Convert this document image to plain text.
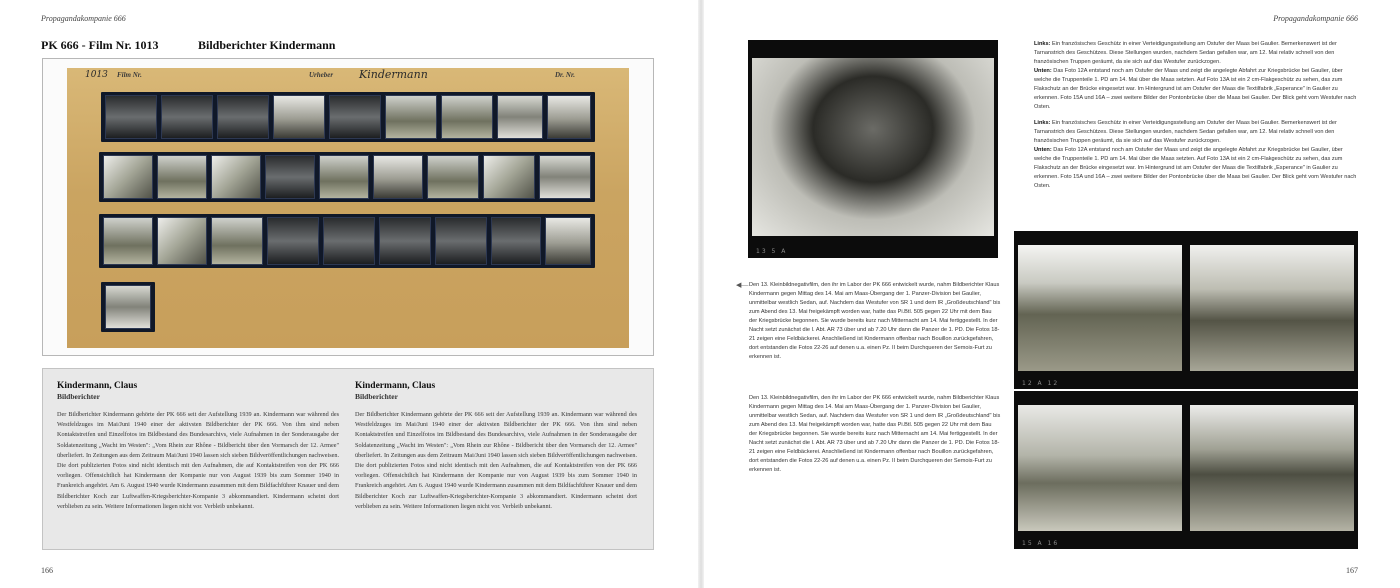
Propagandakompanie 666
PK 666 - Film Nr. 1013	Bildberichter Kindermann
1013 Film Nr.	Urheber Kindermann	Dr. Nr.
Kindermann, Claus
Bildberichter
Der Bildberichter Kindermann gehörte der PK 666 seit der Aufstellung 1939 an. Kindermann war während des Westfeldzuges im Mai/Juni 1940 einer der aktivsten Bildberichter der PK 666. Von ihm sind neben Kontaktstreifen und Einzelfotos im Bildbestand des Bundesarchivs, viele Aufnahmen in der Sonderausgabe der Soldatenzeitung „Wacht im Westen": „Vom Rhein zur Rhône - Bildbericht über den Vormarsch der 12. Armee" überliefert. In Zeitungen aus dem Zeitraum Mai/Juni 1940 lassen sich sieben Bildveröffentlichungen nachweisen. Die dort publizierten Fotos sind nicht identisch mit den Aufnahmen, die auf Kontaktstreifen von der PK 666 vorliegen. Offensichtlich hat Kindermann der Kompanie nur von August 1939 bis zum Sommer 1940 in Frankreich angehört. Am 6. August 1940 wurde Kindermann zusammen mit dem Bildfachführer Knauer und dem Bildberichter Koch zur Luftwaffen-Kriegsberichter-Kompanie 3 abkommandiert. Kindermann scheint dort verblieben zu sein. Weitere Informationen liegen nicht vor. Verbleib unbekannt.
Kindermann, Claus
Bildberichter
Der Bildberichter Kindermann gehörte der PK 666 seit der Aufstellung 1939 an. Kindermann war während des Westfeldzuges im Mai/Juni 1940 einer der aktivsten Bildberichter der PK 666. Von ihm sind neben Kontaktstreifen und Einzelfotos im Bildbestand des Bundesarchivs, viele Aufnahmen in der Sonderausgabe der Soldatenzeitung „Wacht im Westen": „Vom Rhein zur Rhône - Bildbericht über den Vormarsch der 12. Armee" überliefert. In Zeitungen aus dem Zeitraum Mai/Juni 1940 lassen sich sieben Bildveröffentlichungen nachweisen. Die dort publizierten Fotos sind nicht identisch mit den Aufnahmen, die auf Kontaktstreifen von der PK 666 vorliegen. Offensichtlich hat Kindermann der Kompanie nur von August 1939 bis zum Sommer 1940 in Frankreich angehört. Am 6. August 1940 wurde Kindermann zusammen mit dem Bildfachführer Knauer und dem Bildberichter Koch zur Luftwaffen-Kriegsberichter-Kompanie 3 abkommandiert. Kindermann scheint dort verblieben zu sein. Weitere Informationen liegen nicht vor. Verbleib unbekannt.
166
Propagandakompanie 666
13 5 A
Links: Ein französisches Geschütz in einer Verteidigungsstellung am Ostufer der Maas bei Gaulier. Bemerkenswert ist der Tarnanstrich des Geschützes. Diese Stellungen wurden, nachdem Sedan gefallen war, am 12. Mai relativ schnell von den französischen Truppen geräumt, da sie sich auf das Westufer zurückzogen.
Unten: Das Foto 12A entstand noch am Ostufer der Maas und zeigt die angelegte Abfahrt zur Kriegsbrücke bei Gaulier, über welche die Truppenteile 1. PD am 14. Mai über die Maas setzten. Auf Foto 13A ist ein 2 cm-Flakgeschütz zu sehen, das zum Flakschutz an der Brücke eingesetzt war. Im Hintergrund ist am Ostufer der Maas die Textilfabrik „Esperance" in Gaulier zu erkennen. Foto 15A und 16A – zwei weitere Bilder der Pontonbrücke über die Maas bei Gaulier. Der Blick geht vom Westufer nach Osten.
Links: Ein französisches Geschütz in einer Verteidigungsstellung am Ostufer der Maas bei Gaulier. Bemerkenswert ist der Tarnanstrich des Geschützes. Diese Stellungen wurden, nachdem Sedan gefallen war, am 12. Mai relativ schnell von den französischen Truppen geräumt, da sie sich auf das Westufer zurückzogen.
Unten: Das Foto 12A entstand noch am Ostufer der Maas und zeigt die angelegte Abfahrt zur Kriegsbrücke bei Gaulier, über welche die Truppenteile 1. PD am 14. Mai über die Maas setzten. Auf Foto 13A ist ein 2 cm-Flakgeschütz zu sehen, das zum Flakschutz an der Brücke eingesetzt war. Im Hintergrund ist am Ostufer der Maas die Textilfabrik „Esperance" in Gaulier zu erkennen. Foto 15A und 16A – zwei weitere Bilder der Pontonbrücke über die Maas bei Gaulier. Der Blick geht vom Westufer nach Osten.
◀— Den 13. Kleinbildnegativfilm, den ihr im Labor der PK 666 entwickelt wurde, nahm Bildberichter Klaus Kindermann gegen Mittag des 14. Mai am Maas-Übergang der 1. Panzer-Division bei Gaulier, unmittelbar westlich Sedan, auf. Nachdem das Westufer von SR 1 und dem IR „Großdeutschland" bis zum Abend des 13. Mai freigekämpft worden war, hatte das Pi.Btl. 505 gegen 22 Uhr mit dem Bau der Kriegsbrücke begonnen. Sie wurde bereits kurz nach Mitternacht am 14. Mai fertiggestellt. In der Nacht setzt zunächst die I. Abt. AR 73 über und ab 7.20 Uhr dann die Panzer de 1. PD. Die Fotos 18-21 zeigen eine Feldbäckerei. Anschließend ist Kindermann offenbar nach Bouillon zurückgefahren, dort entstanden die Fotos 22-26 auf denen u.a. einen Pz. II beim Durchqueren der Semois-Furt zu erkennen ist.
Den 13. Kleinbildnegativfilm, den ihr im Labor der PK 666 entwickelt wurde, nahm Bildberichter Klaus Kindermann gegen Mittag des 14. Mai am Maas-Übergang der 1. Panzer-Division bei Gaulier, unmittelbar westlich Sedan, auf. Nachdem das Westufer von SR 1 und dem IR „Großdeutschland" bis zum Abend des 13. Mai freigekämpft worden war, hatte das Pi.Btl. 505 gegen 22 Uhr mit dem Bau der Kriegsbrücke begonnen. Sie wurde bereits kurz nach Mitternacht am 14. Mai fertiggestellt. In der Nacht setzt zunächst die I. Abt. AR 73 über und ab 7.20 Uhr dann die Panzer de 1. PD. Die Fotos 18-21 zeigen eine Feldbäckerei. Anschließend ist Kindermann offenbar nach Bouillon zurückgefahren, dort entstanden die Fotos 22-26 auf denen u.a. einen Pz. II beim Durchqueren der Semois-Furt zu erkennen ist.
12 A 12
15 A 16
167
